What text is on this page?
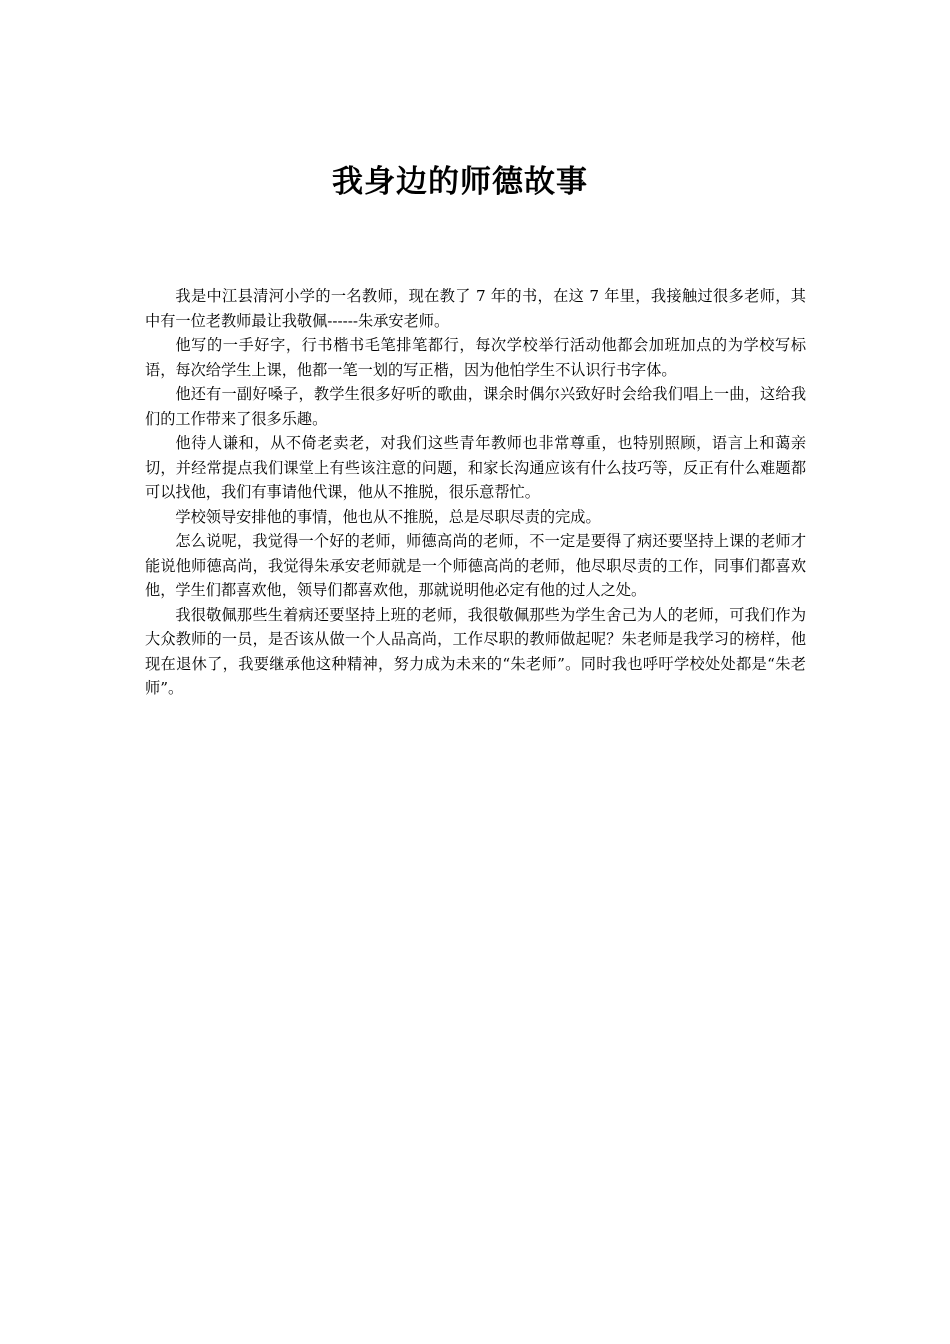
我身边的师德故事

我是中江县清河小学的一名教师，现在教了 7 年的书，在这 7 年里，我接触过很多老师，其中有一位老教师最让我敬佩------朱承安老师。

他写的一手好字，行书楷书毛笔排笔都行，每次学校举行活动他都会加班加点的为学校写标语，每次给学生上课，他都一笔一划的写正楷，因为他怕学生不认识行书字体。

他还有一副好嗓子，教学生很多好听的歌曲，课余时偶尔兴致好时会给我们唱上一曲，这给我们的工作带来了很多乐趣。

他待人谦和，从不倚老卖老，对我们这些青年教师也非常尊重，也特别照顾，语言上和蔼亲切，并经常提点我们课堂上有些该注意的问题，和家长沟通应该有什么技巧等，反正有什么难题都可以找他，我们有事请他代课，他从不推脱，很乐意帮忙。

学校领导安排他的事情，他也从不推脱，总是尽职尽责的完成。

怎么说呢，我觉得一个好的老师，师德高尚的老师，不一定是要得了病还要坚持上课的老师才能说他师德高尚，我觉得朱承安老师就是一个师德高尚的老师，他尽职尽责的工作，同事们都喜欢他，学生们都喜欢他，领导们都喜欢他，那就说明他必定有他的过人之处。

我很敬佩那些生着病还要坚持上班的老师，我很敬佩那些为学生舍己为人的老师，可我们作为大众教师的一员，是否该从做一个人品高尚，工作尽职的教师做起呢？朱老师是我学习的榜样，他现在退休了，我要继承他这种精神，努力成为未来的“朱老师”。同时我也呼吁学校处处都是“朱老师”。
